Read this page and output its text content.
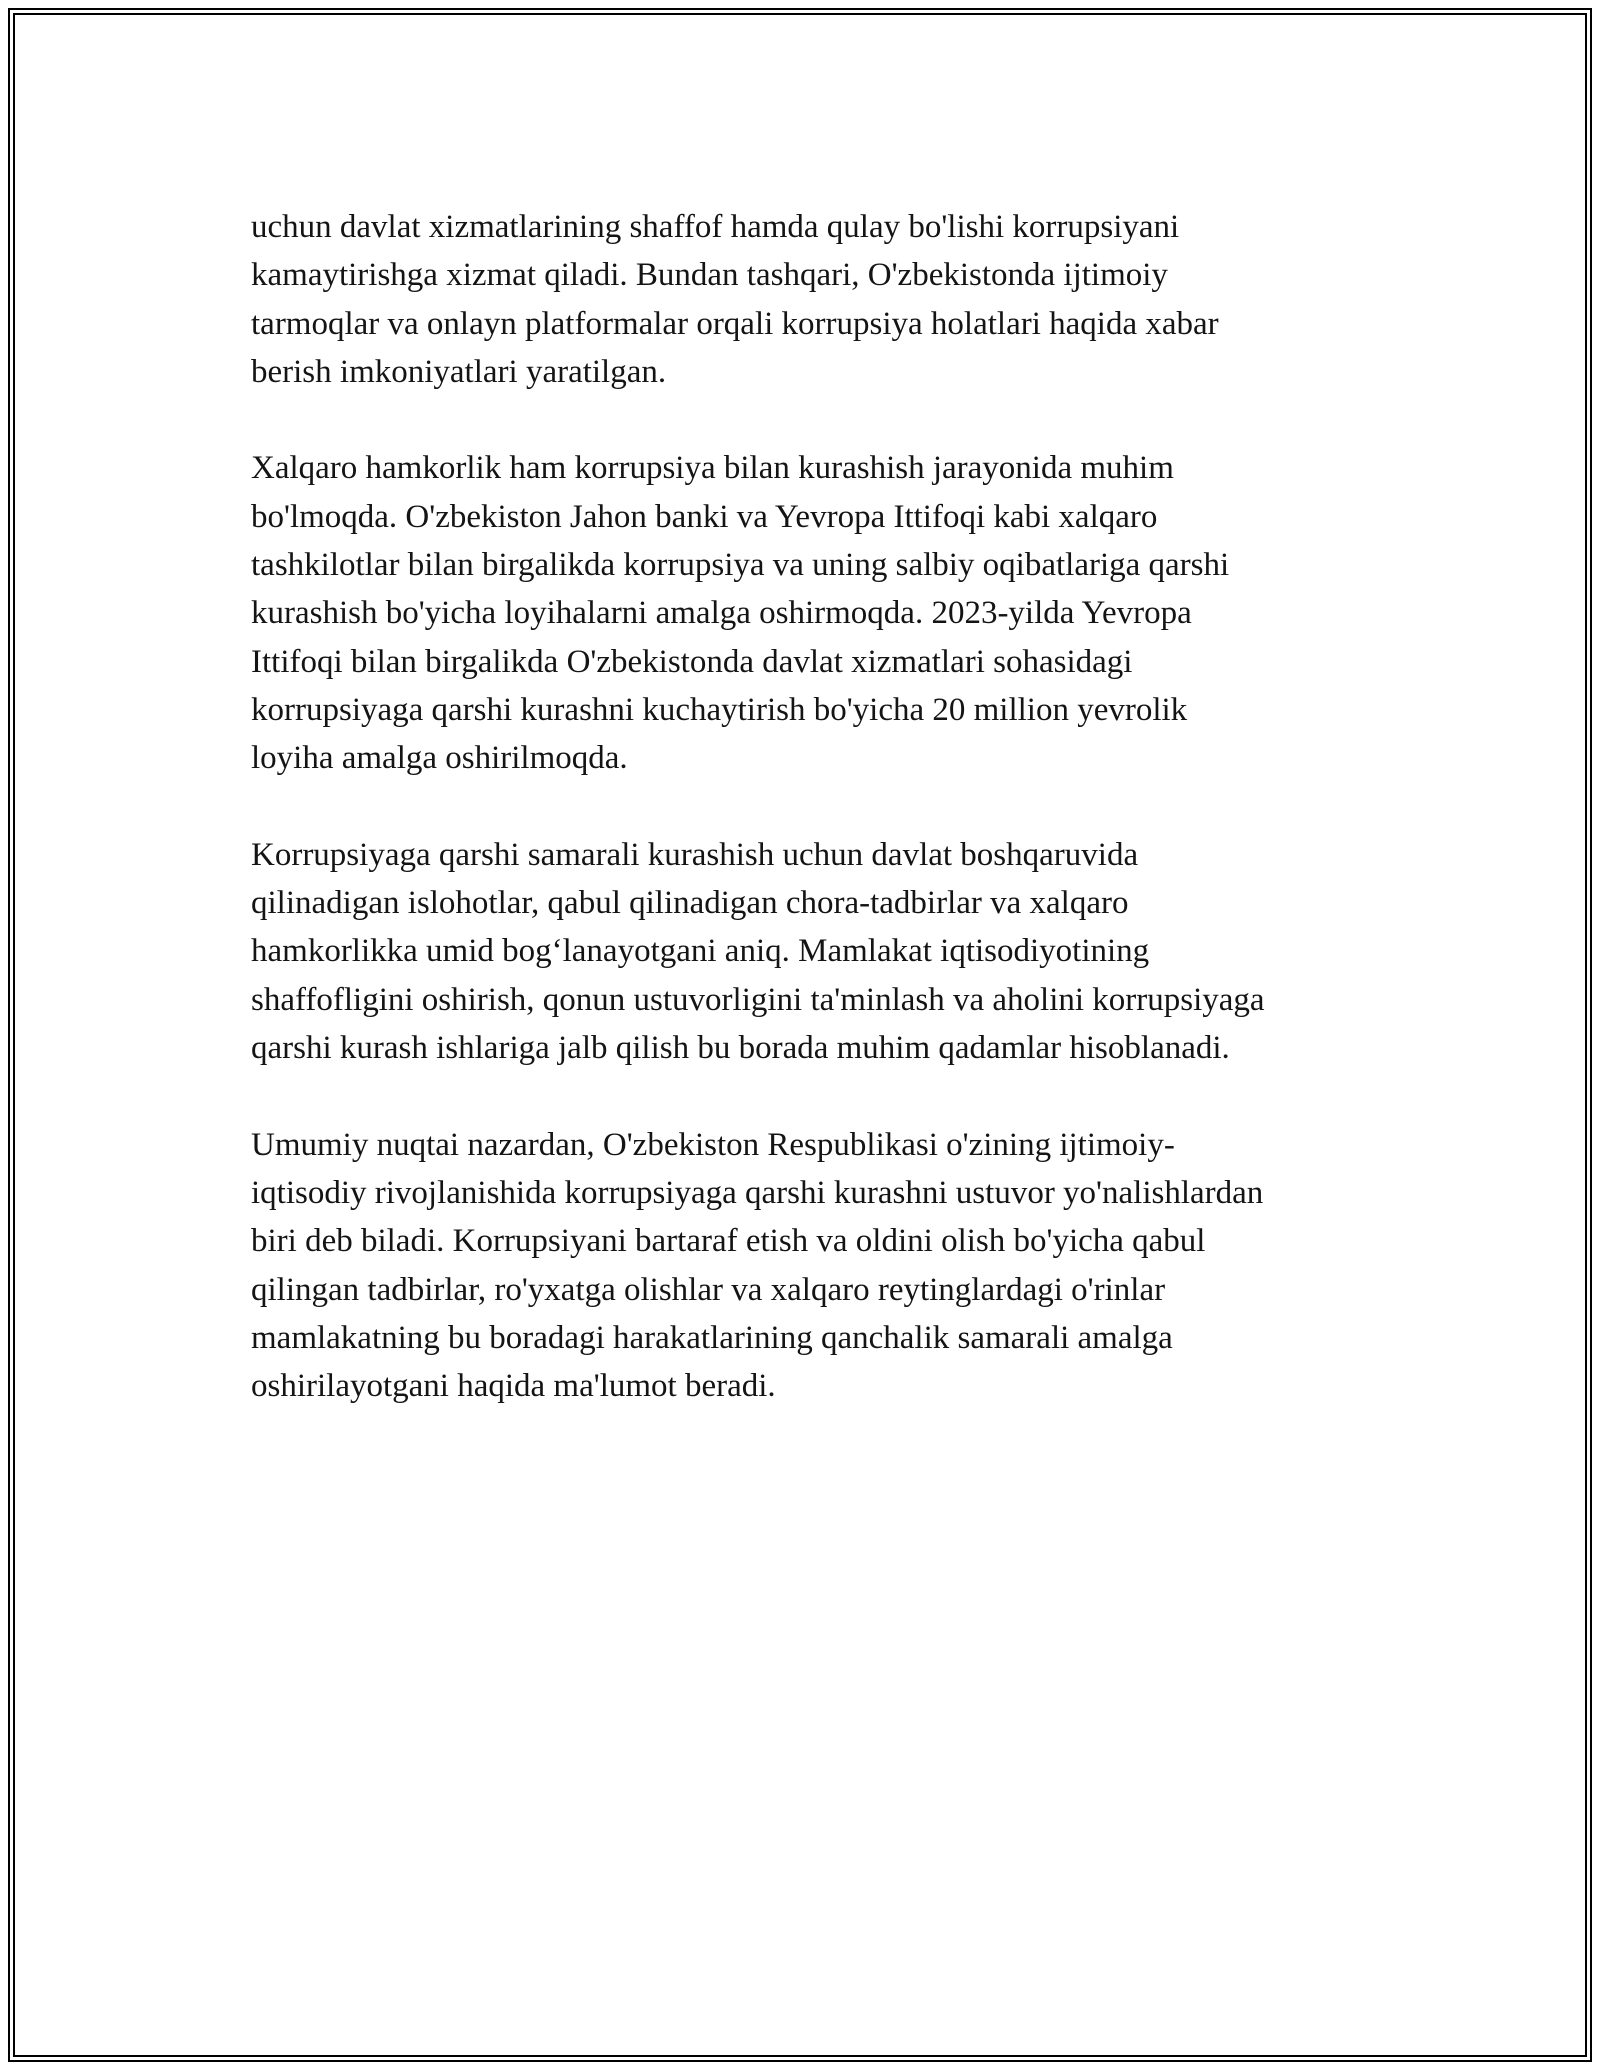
uchun davlat xizmatlarining shaffof hamda qulay bo'lishi korrupsiyani
kamaytirishga xizmat qiladi. Bundan tashqari, O'zbekistonda ijtimoiy
tarmoqlar va onlayn platformalar orqali korrupsiya holatlari haqida xabar
berish imkoniyatlari yaratilgan.

Xalqaro hamkorlik ham korrupsiya bilan kurashish jarayonida muhim
bo'lmoqda. O'zbekiston Jahon banki va Yevropa Ittifoqi kabi xalqaro
tashkilotlar bilan birgalikda korrupsiya va uning salbiy oqibatlariga qarshi
kurashish bo'yicha loyihalarni amalga oshirmoqda. 2023-yilda Yevropa
Ittifoqi bilan birgalikda O'zbekistonda davlat xizmatlari sohasidagi
korrupsiyaga qarshi kurashni kuchaytirish bo'yicha 20 million yevrolik
loyiha amalga oshirilmoqda.

Korrupsiyaga qarshi samarali kurashish uchun davlat boshqaruvida
qilinadigan islohotlar, qabul qilinadigan chora-tadbirlar va xalqaro
hamkorlikka umid bog‘lanayotgani aniq. Mamlakat iqtisodiyotining
shaffofligini oshirish, qonun ustuvorligini ta'minlash va aholini korrupsiyaga
qarshi kurash ishlariga jalb qilish bu borada muhim qadamlar hisoblanadi.

Umumiy nuqtai nazardan, O'zbekiston Respublikasi o'zining ijtimoiy-
iqtisodiy rivojlanishida korrupsiyaga qarshi kurashni ustuvor yo'nalishlardan
biri deb biladi. Korrupsiyani bartaraf etish va oldini olish bo'yicha qabul
qilingan tadbirlar, ro'yxatga olishlar va xalqaro reytinglardagi o'rinlar
mamlakatning bu boradagi harakatlarining qanchalik samarali amalga
oshirilayotgani haqida ma'lumot beradi.
